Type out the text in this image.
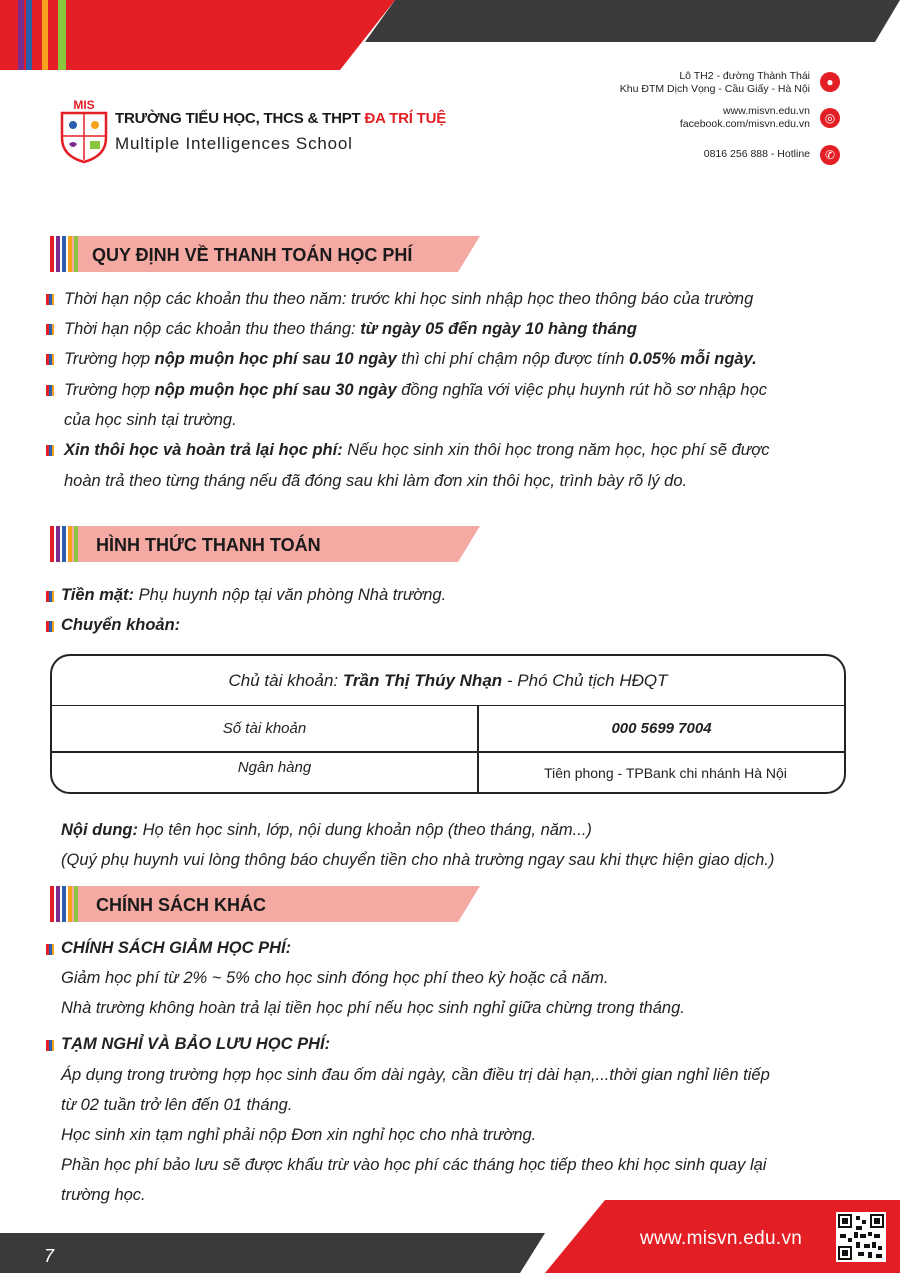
MIS
TRƯỜNG TIỂU HỌC, THCS & THPT ĐA TRÍ TUỆ
Multiple Intelligences School
Lô TH2 - đường Thành Thái
Khu ĐTM Dịch Vọng - Cầu Giấy - Hà Nội	●
www.misvn.edu.vn
facebook.com/misvn.edu.vn	◎
0816 256 888 - Hotline	✆
QUY ĐỊNH VỀ THANH TOÁN HỌC PHÍ
Thời hạn nộp các khoản thu theo năm: trước khi học sinh nhập học theo thông báo của trường
Thời hạn nộp các khoản thu theo tháng: từ ngày 05 đến ngày 10 hàng tháng
Trường hợp nộp muộn học phí sau 10 ngày thì chi phí chậm nộp được tính 0.05% mỗi ngày.
Trường hợp nộp muộn học phí sau 30 ngày đồng nghĩa với việc phụ huynh rút hồ sơ nhập học
của học sinh tại trường.
Xin thôi học và hoàn trả lại học phí: Nếu học sinh xin thôi học trong năm học, học phí sẽ được
hoàn trả theo từng tháng nếu đã đóng sau khi làm đơn xin thôi học, trình bày rõ lý do.
HÌNH THỨC THANH TOÁN
Tiền mặt: Phụ huynh nộp tại văn phòng Nhà trường.
Chuyển khoản:
Chủ tài khoản: Trần Thị Thúy Nhạn - Phó Chủ tịch HĐQT
Số tài khoản	000 5699 7004
Ngân hàng	Tiên phong - TPBank chi nhánh Hà Nội
Nội dung: Họ tên học sinh, lớp, nội dung khoản nộp (theo tháng, năm...)
(Quý phụ huynh vui lòng thông báo chuyển tiền cho nhà trường ngay sau khi thực hiện giao dịch.)
CHÍNH SÁCH KHÁC
CHÍNH SÁCH GIẢM HỌC PHÍ:
Giảm học phí từ 2% ~ 5% cho học sinh đóng học phí theo kỳ hoặc cả năm.
Nhà trường không hoàn trả lại tiền học phí nếu học sinh nghỉ giữa chừng trong tháng.
TẠM NGHỈ VÀ BẢO LƯU HỌC PHÍ:
Áp dụng trong trường hợp học sinh đau ốm dài ngày, cần điều trị dài hạn,...thời gian nghỉ liên tiếp
từ 02 tuần trở lên đến 01 tháng.
Học sinh xin tạm nghỉ phải nộp Đơn xin nghỉ học cho nhà trường.
Phần học phí bảo lưu sẽ được khấu trừ vào học phí các tháng học tiếp theo khi học sinh quay lại
trường học.
www.misvn.edu.vn
7
